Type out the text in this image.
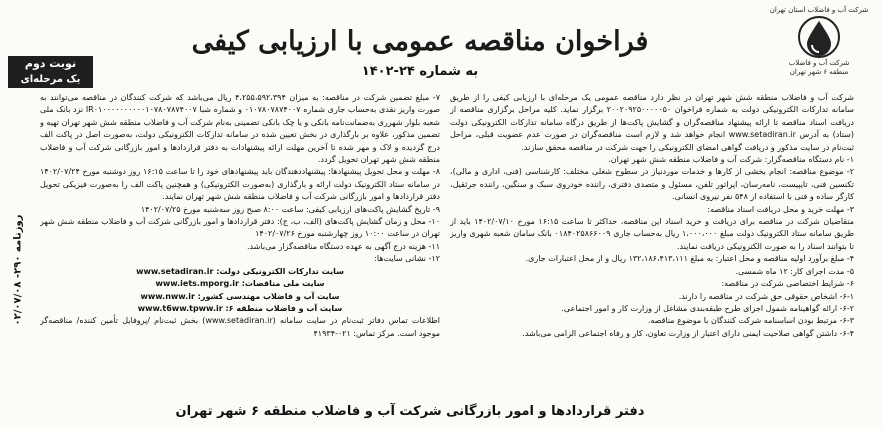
شرکت آب و فاضلاب استان تهران
شرکت آب و فاضلاب
منطقه ۶ شهر تهران
فراخوان مناقصه عمومی با ارزیابی کیفی
به شماره ۲۴-۱۴۰۲
نوبت دوم
یک مرحله‌ای

شرکت آب و فاضلاب منطقه شش شهر تهران در نظر دارد مناقصه عمومی یک مرحله‌ای با ارزیابی کیفی را از طریق سامانه تدارکات الکترونیکی دولت به شماره فراخوان ۲۰۰۲۰۹۲۵۰۰۰۰۰۵۰ برگزار نماید. کلیه مراحل برگزاری مناقصه از دریافت اسناد مناقصه تا ارائه پیشنهاد مناقصه‌گران و گشایش پاکت‌ها از طریق درگاه سامانه تدارکات الکترونیکی دولت (ستاد) به آدرس www.setadiran.ir انجام خواهد شد و لازم است مناقصه‌گران در صورت عدم عضویت قبلی، مراحل ثبت‌نام در سایت مذکور و دریافت گواهی امضای الکترونیکی را جهت شرکت در مناقصه محقق سازند.

۱- نام دستگاه مناقصه‌گزار: شرکت آب و فاضلاب منطقه شش شهر تهران.

۲- موضوع مناقصه: انجام بخشی از کارها و خدمات موردنیاز در سطوح شغلی مختلف: کارشناسی (فنی، اداری و مالی)، تکنسین فنی، تایپیست، نامه‌رسان، اپراتور تلفن، مسئول و متصدی دفتری، راننده خودروی سبک و سنگین، راننده جرثقیل، کارگر ساده و فنی با استفاده از ۵۴۸ نفر نیروی انسانی.

۳- مهلت خرید و محل دریافت اسناد مناقصه:

متقاضیان شرکت در مناقصه برای دریافت و خرید اسناد این مناقصه، حداکثر تا ساعت ۱۶:۱۵ مورخ ۱۴۰۲/۰۷/۱۰ باید از طریق سامانه ستاد الکترونیک دولت مبلغ ۱،۰۰۰،۰۰۰ ریال به‌حساب جاری ۰۱۸۴۰۲۵۸۶۶۰۰۹ بانک سامان شعبه شهری واریز تا بتوانند اسناد را به صورت الکترونیکی دریافت نمایند.

۴- مبلغ برآورد اولیه مناقصه و محل اعتبار: به مبلغ ۱۳۲،۱۸۶،۴۱۳،۱۱۱ ریال و از محل اعتبارات جاری.

۵- مدت اجرای کار: ۱۲ ماه شمسی.

۶- شرایط اختصاصی شرکت در مناقصه:

۶-۱- اشخاص حقوقی حق شرکت در مناقصه را دارند.

۶-۲- ارائه گواهینامه شمول اجرای طرح طبقه‌بندی مشاغل از وزارت کار و امور اجتماعی.

۶-۳- مرتبط بودن اساسنامه شرکت کنندگان با موضوع مناقصه.

۶-۴- داشتن گواهی صلاحیت ایمنی دارای اعتبار از وزارت تعاون، کار و رفاه اجتماعی الزامی می‌باشد.

۷- مبلغ تضمین شرکت در مناقصه: به میزان ۴،۲۵۵،۵۹۲،۳۹۴ ریال می‌باشد که شرکت کنندگان در مناقصه می‌توانند به صورت واریز نقدی به‌حساب جاری شماره ۰۱۰۷۸۰۷۸۷۴۰۰۷ و شماره شبا IR۰۱۰۰۰۰۰۰۰۰۰۰۱۰۷۸۰۷۸۷۴۰۰۷ نزد بانک ملی شعبه بلوار شهرری به‌ضمانت‌نامه بانکی و یا چک بانکی تضمینی به‌نام شرکت آب و فاضلاب منطقه شش شهر تهران تهیه و تضمین مذکور، علاوه بر بارگذاری در بخش تعیین شده در سامانه تدارکات الکترونیکی دولت، به‌صورت اصل در پاکت الف درج گردیده و لاک و مهر شده تا آخرین مهلت ارائه پیشنهادات به دفتر قراردادها و امور بازرگانی شرکت آب و فاضلاب منطقه شش شهر تهران تحویل گردد.

۸- مهلت و محل تحویل پیشنهادها: پیشنهاددهندگان باید پیشنهادهای خود را تا ساعت ۱۶:۱۵ روز دوشنبه مورخ ۱۴۰۲/۰۷/۲۴ در سامانه ستاد الکترونیک دولت ارائه و بارگذاری (به‌صورت الکترونیکی) و همچنین پاکت الف را به‌صورت فیزیکی تحویل دفتر قراردادها و امور بازرگانی شرکت آب و فاضلاب منطقه شش شهر تهران نمایند.

۹- تاریخ گشایش پاکت‌های ارزیابی کیفی: ساعت ۸:۰۰ صبح روز سه‌شنبه مورخ ۱۴۰۲/۰۷/۲۵

۱۰- محل و زمان گشایش پاکت‌های (الف، ب، ج): دفتر قراردادها و امور بازرگانی شرکت آب و فاضلاب منطقه شش شهر تهران در ساعت ۱۰:۰۰ روز چهارشنبه مورخ ۱۴۰۲/۰۷/۲۶

۱۱- هزینه درج آگهی به عهده دستگاه مناقصه‌گزار می‌باشد.

۱۲- نشانی سایت‌ها:

سایت تدارکات الکترونیکی دولت: www.setadiran.ir

سایت ملی مناقصات: www.iets.mporg.ir

سایت آب و فاضلاب مهندسی کشور: www.nww.ir

سایت آب و فاضلاب منطقه ۶: www.t6ww.tpww.ir

اطلاعات تماس دفاتر ثبت‌نام در سایت سامانه (www.setadiran.ir) بخش ثبت‌نام /پروفایل تأمین کننده/ مناقصه‌گر موجود است. مرکز تماس: ۰۲۱-۴۱۹۳۴

روزنامه ۲۹۰- ۰۲/۰۷/۰۸
دفتر قراردادها و امور بازرگانی شرکت آب و فاضلاب منطقه ۶ شهر تهران
